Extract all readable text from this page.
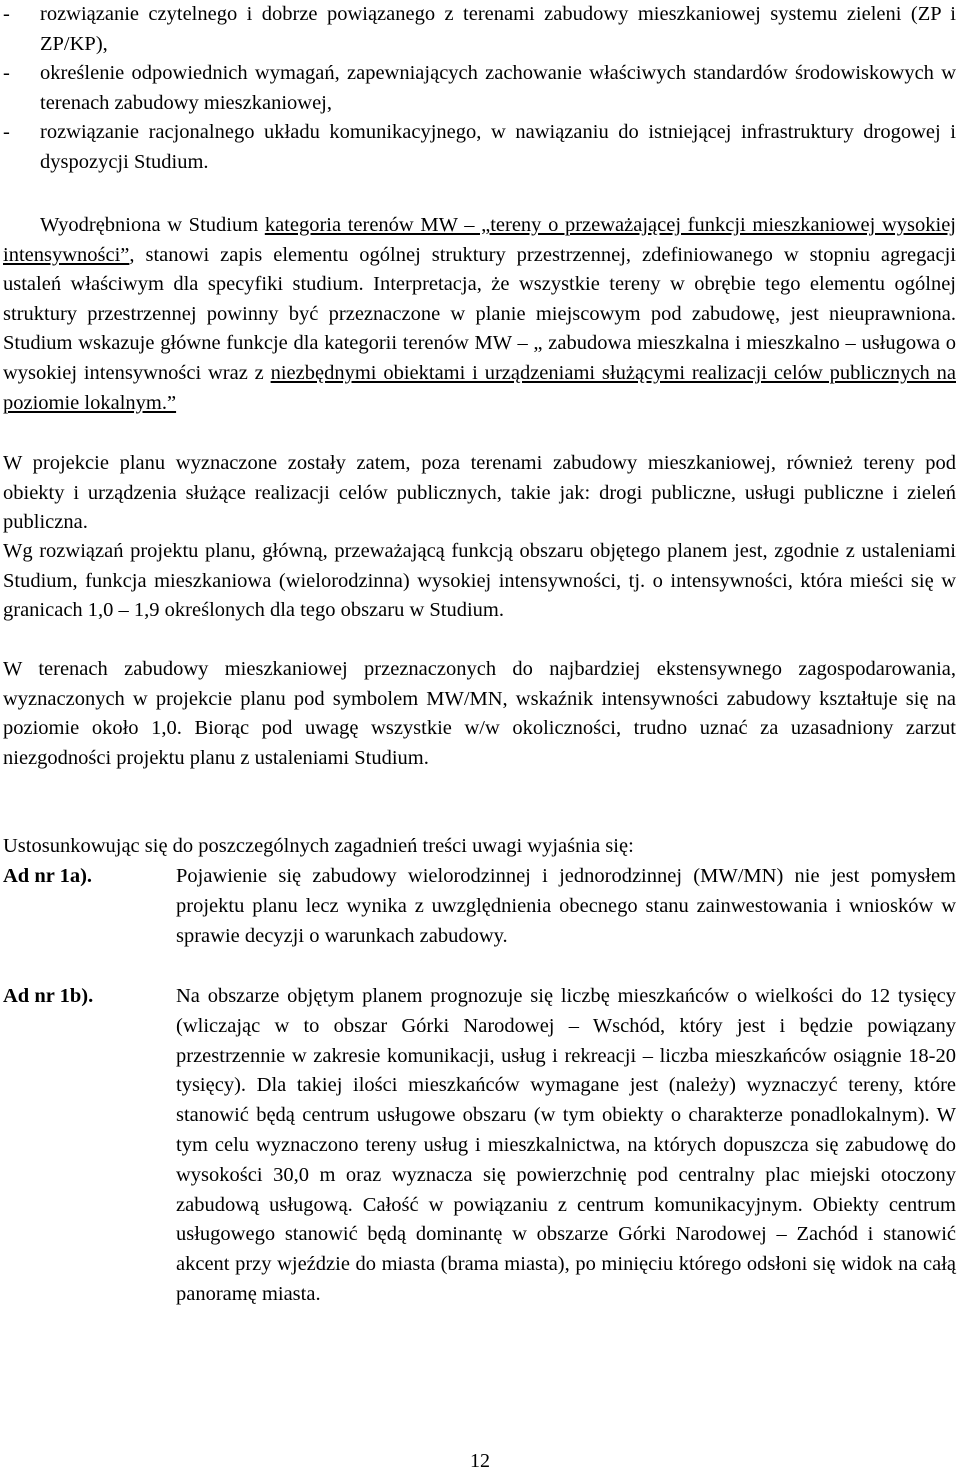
- rozwiązanie czytelnego i dobrze powiązanego z terenami zabudowy mieszkaniowej systemu zieleni (ZP i ZP/KP),
- określenie odpowiednich wymagań, zapewniających zachowanie właściwych standardów środowiskowych w terenach zabudowy mieszkaniowej,
- rozwiązanie racjonalnego układu komunikacyjnego, w nawiązaniu do istniejącej infrastruktury drogowej i dyspozycji Studium.
Wyodrębniona w Studium kategoria terenów MW – „tereny o przeważającej funkcji mieszkaniowej wysokiej intensywności”, stanowi zapis elementu ogólnej struktury przestrzennej, zdefiniowanego w stopniu agregacji ustaleń właściwym dla specyfiki studium. Interpretacja, że wszystkie tereny w obrębie tego elementu ogólnej struktury przestrzennej powinny być przeznaczone w planie miejscowym pod zabudowę, jest nieuprawniona. Studium wskazuje główne funkcje dla kategorii terenów MW – „ zabudowa mieszkalna i mieszkalno – usługowa o wysokiej intensywności wraz z niezbędnymi obiektami i urządzeniami służącymi realizacji celów publicznych na poziomie lokalnym.”
W projekcie planu wyznaczone zostały zatem, poza terenami zabudowy mieszkaniowej, również tereny pod obiekty i urządzenia służące realizacji celów publicznych, takie jak: drogi publiczne, usługi publiczne i zieleń publiczna.
Wg rozwiązań projektu planu, główną, przeważającą funkcją obszaru objętego planem jest, zgodnie z ustaleniami Studium, funkcja mieszkaniowa (wielorodzinna) wysokiej intensywności, tj. o intensywności, która mieści się w granicach 1,0 – 1,9 określonych dla tego obszaru w Studium.
W terenach zabudowy mieszkaniowej przeznaczonych do najbardziej ekstensywnego zagospodarowania, wyznaczonych w projekcie planu pod symbolem MW/MN, wskaźnik intensywności zabudowy kształtuje się na poziomie około 1,0. Biorąc pod uwagę wszystkie w/w okoliczności, trudno uznać za uzasadniony zarzut niezgodności projektu planu z ustaleniami Studium.
Ustosunkowując się do poszczególnych zagadnień treści uwagi wyjaśnia się:
Ad nr 1a).	Pojawienie się zabudowy wielorodzinnej i jednorodzinnej (MW/MN) nie jest pomysłem projektu planu lecz wynika z uwzględnienia obecnego stanu zainwestowania i wniosków w sprawie decyzji o warunkach zabudowy.
Ad nr 1b).	Na obszarze objętym planem prognozuje się liczbę mieszkańców o wielkości do 12 tysięcy (wliczając w to obszar Górki Narodowej – Wschód, który jest i będzie powiązany przestrzennie w zakresie komunikacji, usług i rekreacji – liczba mieszkańców osiągnie 18-20 tysięcy). Dla takiej ilości mieszkańców wymagane jest (należy) wyznaczyć tereny, które stanowić będą centrum usługowe obszaru (w tym obiekty o charakterze ponadlokalnym). W tym celu wyznaczono tereny usług i mieszkalnictwa, na których dopuszcza się zabudowę do wysokości 30,0 m oraz wyznacza się powierzchnię pod centralny plac miejski otoczony zabudową usługową. Całość w powiązaniu z centrum komunikacyjnym. Obiekty centrum usługowego stanowić będą dominantę w obszarze Górki Narodowej – Zachód i stanowić akcent przy wjeździe do miasta (brama miasta), po minięciu którego odsłoni się widok na całą panoramę miasta.
12
